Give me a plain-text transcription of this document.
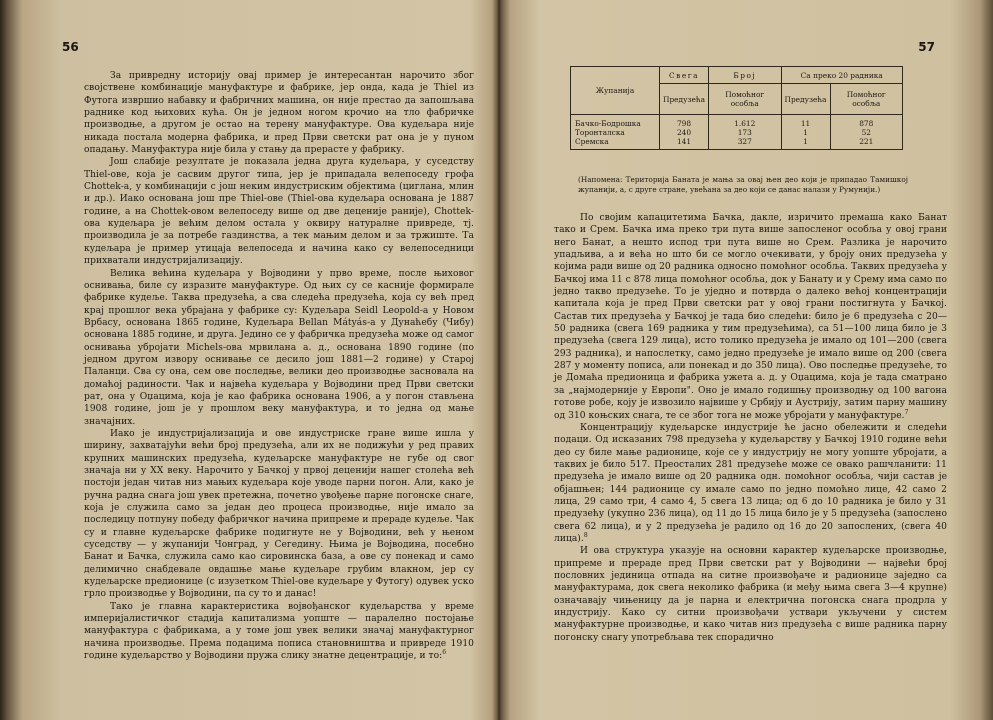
56

За привредну историју овај пример је интересантан нарочито због својствене комбинације мануфактуре и фабрике, јер онда, када је Thiel из Футога извршио набавку и фабричних машина, он није престао да запошљава раднике код њихових кућа. Он је једном ногом крочио на тло фабричке производње, а другом је остао на терену мануфактуре. Ова кудељара није никада постала модерна фабрика, и пред Први светски рат она је у пуном опадању. Мануфактура није била у стању да прерасте у фабрику.

Још слабије резултате је показала једна друга кудељара, у суседству Thiel-ове, која је сасвим другог типа, јер је припадала велепоседу грофа Chottek-а, у комбинацији с још неким индустриским објектима (циглана, млин и др.). Иако основана још пре Thiel-ове (Thiel-ова кудељара основана је 1887 године, а на Chottek-овом велепоседу више од две деценије раније), Chottek-ова кудељара је већим делом остала у оквиру натуралне привреде, тј. производила је за потребе газдинства, а тек мањим делом и за тржиште. Та кудељара је пример утицаја велепоседа и начина како су велепоседници прихватали индустријализацију.

Велика већина кудељара у Војводини у прво време, после њиховог оснивања, биле су изразите мануфактуре. Од њих су се касније формирале фабрике кудеље. Таква предузећа, а сва следећа предузећа, која су већ пред крај прошлог века убрајана у фабрике су: Кудељара Seidl Leopold-а у Новом Врбасу, основана 1865 године, Кудељара Bellan Mátyás-а у Дунаћебу (Чибу) основана 1885 године, и друга. Једино се у фабричка предузећа може од самог оснивања убројати Michels-ова мрвилана а. д., основана 1890 године (по једном другом извору оснивање се десило још 1881—2 године) у Старој Паланци. Сва су она, сем ове последње, велики део производње засновала на домаћој радиности. Чак и највећа кудељара у Војводини пред Први светски рат, она у Оџацима, која је као фабрика основана 1906, а у погон стављена 1908 године, још је у прошлом веку мануфактура, и то једна од мање значајних.

Иако је индустријализација и ове индустриске гране више ишла у ширину, захватајући већи број предузећа, али их не подижући у ред правих крупних машинских предузећа, кудељарске мануфактуре не губе од свог значаја ни у XX веку. Нарочито у Бачкој у првој деценији нашег столећа већ постоји један читав низ мањих кудељара које уводе парни погон. Али, како је ручна радна снага још увек претежна, почетно увођење парне погонске снаге, која је служила само за један део процеса производње, није имало за последицу потпуну победу фабричког начина припреме и прераде кудеље. Чак су и главне кудељарске фабрике подигнуте не у Војводини, већ у њеном суседству — у жупанији Чонград, у Сегедину. Њима је Војводина, посебно Банат и Бачка, служила само као сировинска база, а ове су понекад и само делимично снабдевале овдашње мање кудељаре грубим влакном, јер су кудељарске предионице (с изузетком Thiel-ове кудељаре у Футогу) одувек уско грло производње у Војводини, па су то и данас!

Тако је главна карактеристика војвођанског кудељарства у време империјалистичког стадија капитализма уопште — паралелно постојање мануфактура с фабрикама, а у томе још увек велики значај мануфактурног начина производње. Према подацима пописа становништва и привреде 1910 године кудељарство у Војводини пружа слику знатне децентрације, и то:$^6$

57
Жупанија	Свега	Број	Са преко 20 радника	
	Предузећа	Помоћног особља	Предузећа	Помоћног особља

Бачко-Бодрошка	798	1.612	11	878
Торонталска	240	173	1	52
Сремска	141	327	1	221
(Напомена: Територија Баната је мања за овај њен део који је припадао Тамишкој жупанији, а, с друге стране, увећана за део који се данас налази у Румунији.)

По својим капацитетима Бачка, дакле, изричито премаша како Банат тако и Срем. Бачка има преко три пута више запосленог особља у овој грани него Банат, а нешто испод три пута више но Срем. Разлика је нарочито упадљива, а и већа но што би се могло очекивати, у броју оних предузећа у којима ради више од 20 радника односно помоћног особља. Таквих предузећа у Бачкој има 11 с 878 лица помоћног особља, док у Банату и у Срему има само по једно такво предузеће. То је уједно и потврда о далеко већој концентрацији капитала која је пред Први светски рат у овој грани постигнута у Бачкој. Састав тих предузећа у Бачкој је тада био следећи: било је 6 предузећа с 20—50 радника (свега 169 радника у тим предузећима), са 51—100 лица било је 3 предузећа (свега 129 лица), исто толико предузећа је имало од 101—200 (свега 293 радника), и напослетку, само једно предузеће је имало више од 200 (свега 287 у моменту пописа, али понекад и до 350 лица). Ово последње предузеће, то је Домаћа предионица и фабрика ужета а. д. у Оџацима, која је тада сматрано за „најмодерније у Европи". Оно је имало годишњу производњу од 100 вагона готове робе, коју је извозило највише у Србију и Аустрију, затим парну машину од 310 коњских снага, те се због тога не може убројати у мануфактуре.$^7$

Концентрацију кудељарске индустрије ће јасно обележити и следећи подаци. Од исказаних 798 предузећа у кудељарству у Бачкој 1910 године већи део су биле мање радионице, које се у индустрију не могу уопште убројати, а таквих је било 517. Преосталих 281 предузеће може се овако рашчланити: 11 предузећа је имало више од 20 радника одн. помоћног особља, чији састав је објашњен; 144 радионице су имале само по једно помоћно лице, 42 само 2 лица, 29 само три, 4 само 4, 5 свега 13 лица; од 6 до 10 радника је било у 31 предузећу (укупно 236 лица), од 11 до 15 лица било је у 5 предузећа (запослено свега 62 лица), и у 2 предузећа је радило од 16 до 20 запослених, (свега 40 лица).$^8$

И ова структура указује на основни карактер кудељарске производње, припреме и прераде пред Први светски рат у Војводини — највећи број пословних јединица отпада на ситне произвођаче и радионице заједно са мануфактурама, док свега неколико фабрика (и међу њима свега 3—4 крупне) означавају чињеницу да је парна и електрична погонска снага продрла у индустрију. Како су ситни произвођачи уствари укључени у систем мануфактурне производње, и како читав низ предузећа с више радника парну погонску снагу употребљава тек спорадично
